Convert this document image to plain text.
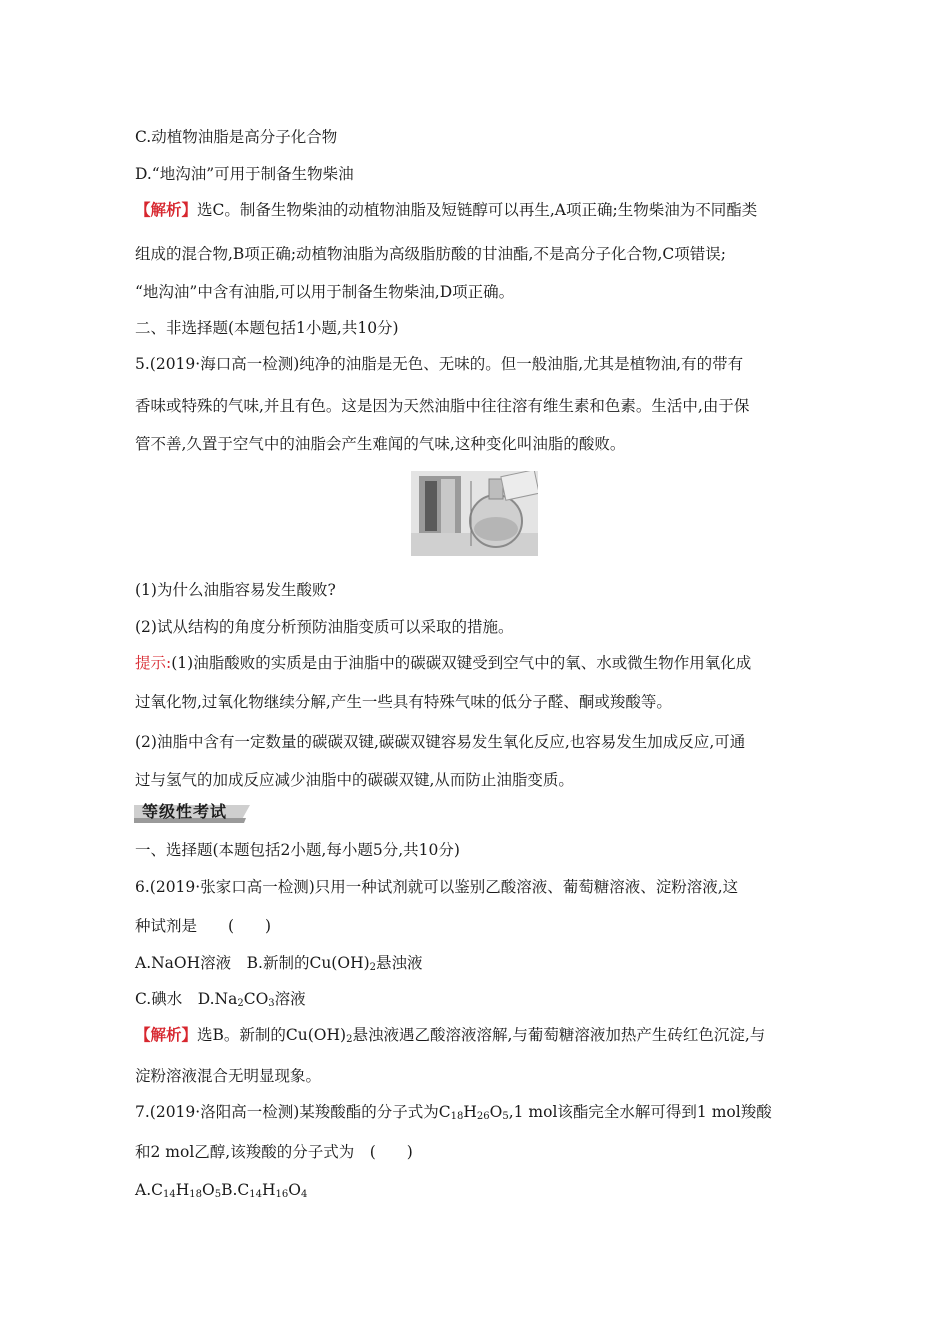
C.动植物油脂是高分子化合物
D.“地沟油”可用于制备生物柴油
【解析】选C。制备生物柴油的动植物油脂及短链醇可以再生,A项正确;生物柴油为不同酯类
组成的混合物,B项正确;动植物油脂为高级脂肪酸的甘油酯,不是高分子化合物,C项错误;
“地沟油”中含有油脂,可以用于制备生物柴油,D项正确。
二、非选择题(本题包括1小题,共10分)
5.(2019·海口高一检测)纯净的油脂是无色、无味的。但一般油脂,尤其是植物油,有的带有
香味或特殊的气味,并且有色。这是因为天然油脂中往往溶有维生素和色素。生活中,由于保
管不善,久置于空气中的油脂会产生难闻的气味,这种变化叫油脂的酸败。
(1)为什么油脂容易发生酸败?
(2)试从结构的角度分析预防油脂变质可以采取的措施。
提示:(1)油脂酸败的实质是由于油脂中的碳碳双键受到空气中的氧、水或微生物作用氧化成
过氧化物,过氧化物继续分解,产生一些具有特殊气味的低分子醛、酮或羧酸等。
(2)油脂中含有一定数量的碳碳双键,碳碳双键容易发生氧化反应,也容易发生加成反应,可通
过与氢气的加成反应减少油脂中的碳碳双键,从而防止油脂变质。
等级性考试
一、选择题(本题包括2小题,每小题5分,共10分)
6.(2019·张家口高一检测)只用一种试剂就可以鉴别乙酸溶液、葡萄糖溶液、淀粉溶液,这
种试剂是　　(　　)
A.NaOH溶液　B.新制的$Cu(OH)_2$悬浊液
C.碘水　$D.Na_2CO_3$溶液
【解析】选B。新制的$Cu(OH)_2$悬浊液遇乙酸溶液溶解,与葡萄糖溶液加热产生砖红色沉淀,与
淀粉溶液混合无明显现象。
7.(2019·洛阳高一检测)某羧酸酯的分子式为$C_{18}H_{26}O_5,1$ mol该酯完全水解可得到1 mol羧酸
和2 mol乙醇,该羧酸的分子式为　(　　)
$A.C_{14}H_{18}O_5B.C_{14}H_{16}O_4$
